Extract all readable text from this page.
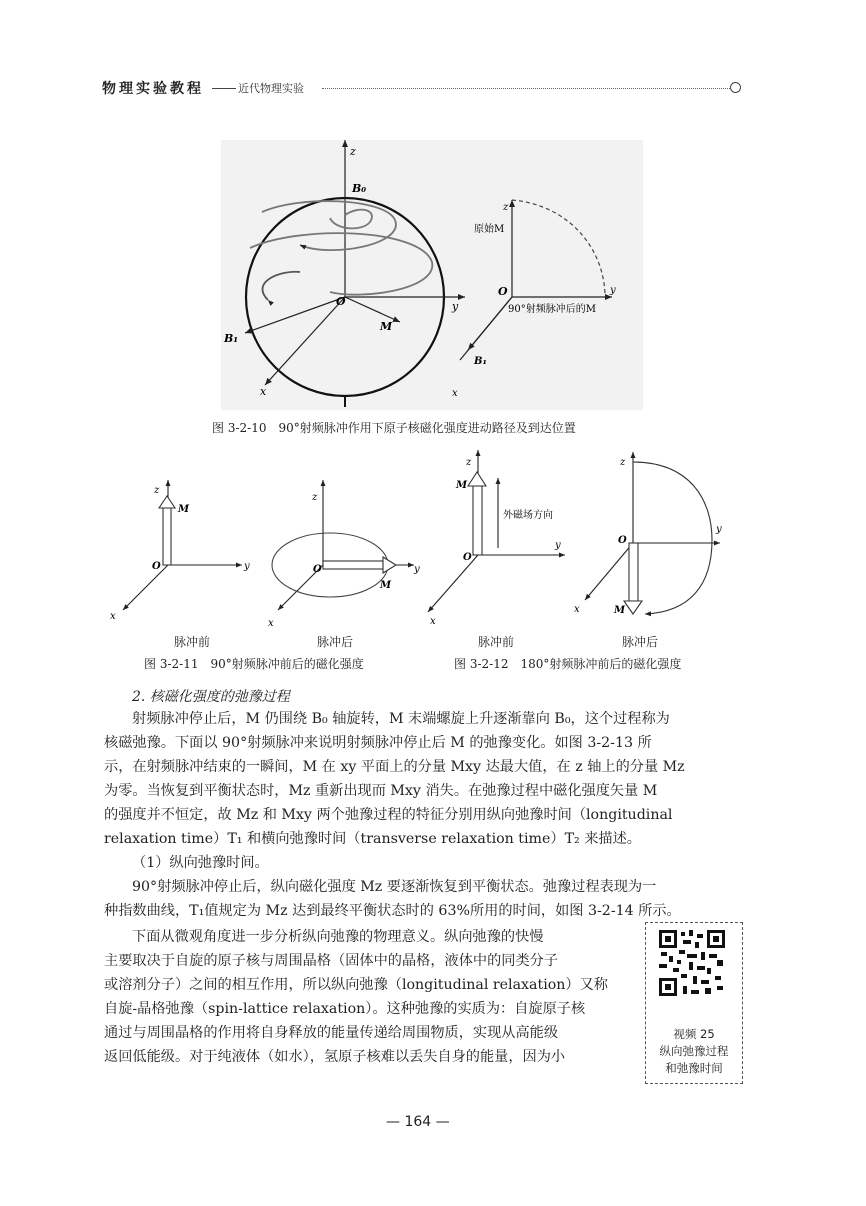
物理实验教程	近代物理实验
z
B₀
O	y
M
B₁
x
z
原始M
O	y
90°射频脉冲后的M
B₁
x
图 3-2-10　90°射频脉冲作用下原子核磁化强度进动路径及到达位置
z
M
O	y
x
z
O	y
M
x
z
M
外磁场方向
O
y
x
z
y
O
M
x
脉冲前	脉冲后	脉冲前	脉冲后
图 3-2-11　90°射频脉冲前后的磁化强度	图 3-2-12　180°射频脉冲前后的磁化强度
2. 核磁化强度的弛豫过程
射频脉冲停止后，M 仍围绕 B₀ 轴旋转，M 末端螺旋上升逐渐靠向 B₀，这个过程称为
核磁弛豫。下面以 90°射频脉冲来说明射频脉冲停止后 M 的弛豫变化。如图 3-2-13 所
示，在射频脉冲结束的一瞬间，M 在 xy 平面上的分量 Mxy 达最大值，在 z 轴上的分量 Mz
为零。当恢复到平衡状态时，Mz 重新出现而 Mxy 消失。在弛豫过程中磁化强度矢量 M
的强度并不恒定，故 Mz 和 Mxy 两个弛豫过程的特征分别用纵向弛豫时间（longitudinal
relaxation time）T₁ 和横向弛豫时间（transverse relaxation time）T₂ 来描述。
（1）纵向弛豫时间。
90°射频脉冲停止后，纵向磁化强度 Mz 要逐渐恢复到平衡状态。弛豫过程表现为一
种指数曲线，T₁值规定为 Mz 达到最终平衡状态时的 63%所用的时间，如图 3-2-14 所示。
下面从微观角度进一步分析纵向弛豫的物理意义。纵向弛豫的快慢
主要取决于自旋的原子核与周围晶格（固体中的晶格，液体中的同类分子
或溶剂分子）之间的相互作用，所以纵向弛豫（longitudinal relaxation）又称
自旋-晶格弛豫（spin-lattice relaxation）。这种弛豫的实质为：自旋原子核
通过与周围晶格的作用将自身释放的能量传递给周围物质，实现从高能级
返回低能级。对于纯液体（如水），氢原子核难以丢失自身的能量，因为小
视频 25
纵向弛豫过程
和弛豫时间
— 164 —
